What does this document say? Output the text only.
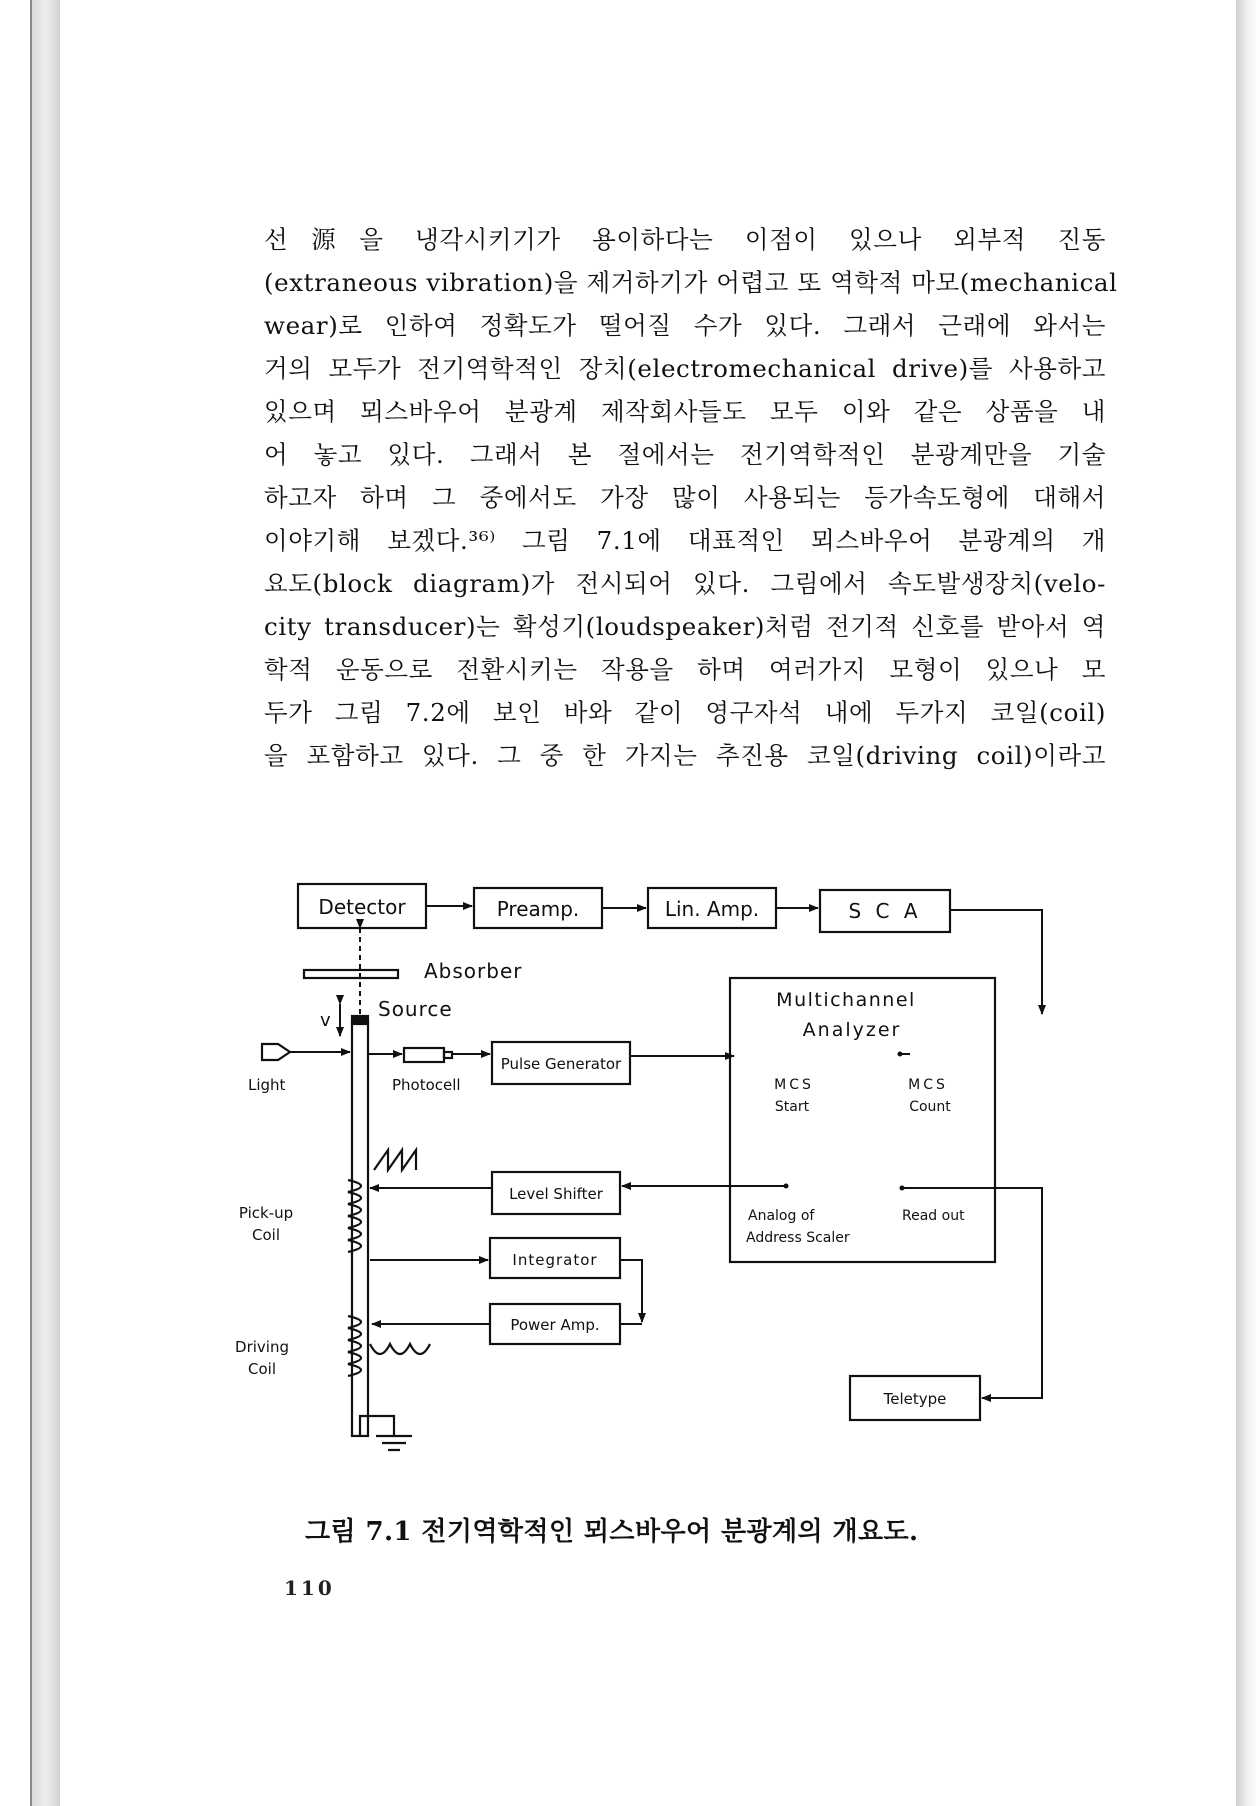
선源을 냉각시키기가 용이하다는 이점이 있으나 외부적 진동
(extraneous vibration)을 제거하기가 어렵고 또 역학적 마모(mechanical
wear)로 인하여 정확도가 떨어질 수가 있다. 그래서 근래에 와서는
거의 모두가 전기역학적인 장치(electromechanical drive)를 사용하고
있으며 뫼스바우어 분광계 제작회사들도 모두 이와 같은 상품을 내
어 놓고 있다. 그래서 본 절에서는 전기역학적인 분광계만을 기술
하고자 하며 그 중에서도 가장 많이 사용되는 등가속도형에 대해서
이야기해 보겠다.³⁶⁾ 그림 7.1에 대표적인 뫼스바우어 분광계의 개
요도(block diagram)가 전시되어 있다. 그림에서 속도발생장치(velo-
city transducer)는 확성기(loudspeaker)처럼 전기적 신호를 받아서 역
학적 운동으로 전환시키는 작용을 하며 여러가지 모형이 있으나 모
두가 그림 7.2에 보인 바와 같이 영구자석 내에 두가지 코일(coil)
을 포함하고 있다. 그 중 한 가지는 추진용 코일(driving coil)이라고
Detector	Preamp.	Lin. Amp.	S C A
Absorber
Source
v
Light	Photocell
Pulse Generator
Level Shifter
Integrator
Power Amp.
Teletype
Pick-up
Coil
Driving
Coil
Multichannel
Analyzer
MCS
Start
MCS
Count
Analog of
Address Scaler
Read out
그림 7.1 전기역학적인 뫼스바우어 분광계의 개요도.
110
